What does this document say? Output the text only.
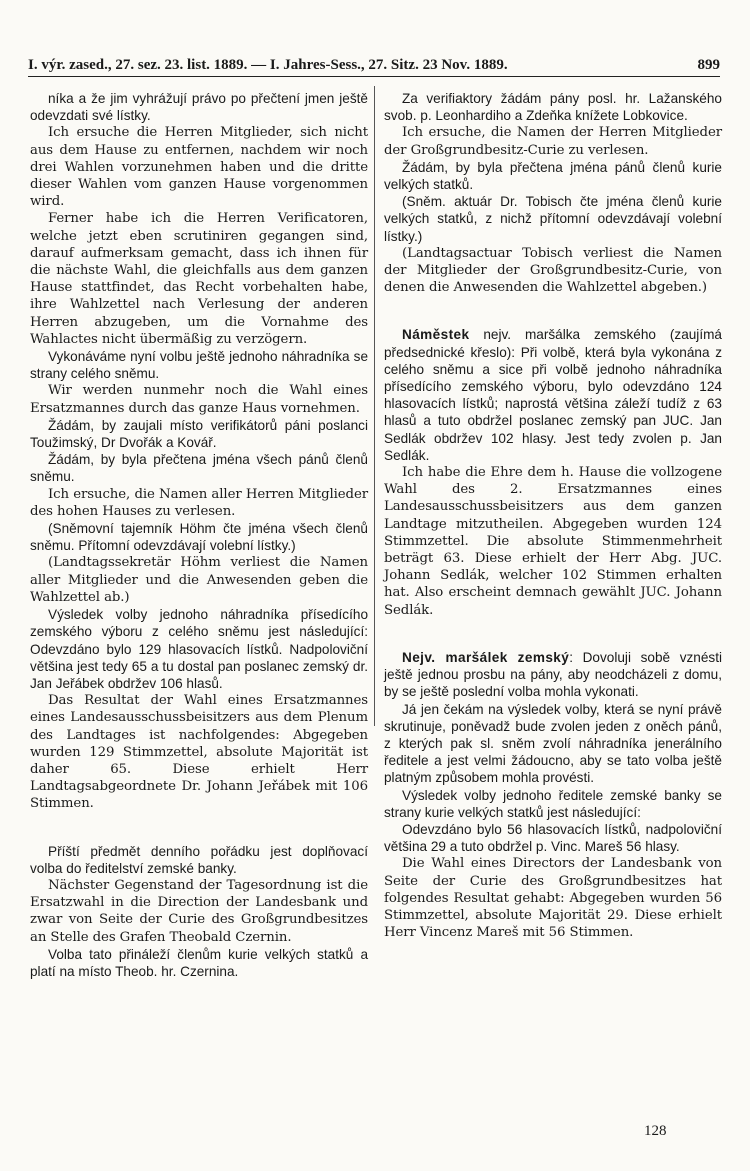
I. výr. zased., 27. sez. 23. list. 1889. — I. Jahres-Sess., 27. Sitz. 23 Nov. 1889.	899

níka a že jim vyhrážují právo po přečtení jmen ještě odevzdati své lístky.

Ich ersuche die Herren Mitglieder, sich nicht aus dem Hause zu entfernen, nachdem wir noch drei Wahlen vorzunehmen haben und die dritte dieser Wahlen vom ganzen Hause vorgenommen wird.

Ferner habe ich die Herren Verificatoren, welche jetzt eben scrutiniren gegangen sind, darauf aufmerksam gemacht, dass ich ihnen für die nächste Wahl, die gleichfalls aus dem ganzen Hause stattfindet, das Recht vorbehalten habe, ihre Wahlzettel nach Verlesung der anderen Herren abzugeben, um die Vornahme des Wahlactes nicht übermäßig zu verzögern.

Vykonáváme nyní volbu ještě jednoho náhradníka se strany celého sněmu.

Wir werden nunmehr noch die Wahl eines Ersatzmannes durch das ganze Haus vornehmen.

Žádám, by zaujali místo verifikátorů páni poslanci Toužimský, Dr Dvořák a Kovář.

Žádám, by byla přečtena jména všech pánů členů sněmu.

Ich ersuche, die Namen aller Herren Mitglieder des hohen Hauses zu verlesen.

(Sněmovní tajemník Höhm čte jména všech členů sněmu. Přítomní odevzdávají volební lístky.)

(Landtagssekretär Höhm verliest die Namen aller Mitglieder und die Anwesenden geben die Wahlzettel ab.)

Výsledek volby jednoho náhradníka přísedícího zemského výboru z celého sněmu jest následující: Odevzdáno bylo 129 hlasovacích lístků. Nadpoloviční většina jest tedy 65 a tu dostal pan poslanec zemský dr. Jan Jeřábek obdržev 106 hlasů.

Das Resultat der Wahl eines Ersatzmannes eines Landesausschussbeisitzers aus dem Plenum des Landtages ist nachfolgendes: Abgegeben wurden 129 Stimmzettel, absolute Majorität ist daher 65. Diese erhielt Herr Landtagsabgeordnete Dr. Johann Jeřábek mit 106 Stimmen.

Příští předmět denního pořádku jest doplňovací volba do ředitelství zemské banky.

Nächster Gegenstand der Tagesordnung ist die Ersatzwahl in die Direction der Landesbank und zwar von Seite der Curie des Großgrundbesitzes an Stelle des Grafen Theobald Czernin.

Volba tato přináleží členům kurie velkých statků a platí na místo Theob. hr. Czernina.

Za verifiaktory žádám pány posl. hr. Lažanského svob. p. Leonhardiho a Zdeňka knížete Lobkovice.

Ich ersuche, die Namen der Herren Mitglieder der Großgrundbesitz-Curie zu verlesen.

Žádám, by byla přečtena jména pánů členů kurie velkých statků.

(Sněm. aktuár Dr. Tobisch čte jména členů kurie velkých statků, z nichž přítomní odevzdávají volební lístky.)

(Landtagsactuar Tobisch verliest die Namen der Mitglieder der Großgrundbesitz-Curie, von denen die Anwesenden die Wahlzettel abgeben.)

Náměstek nejv. maršálka zemského (zaujímá předsednické křeslo): Při volbě, která byla vykonána z celého sněmu a sice při volbě jednoho náhradníka přísedícího zemského výboru, bylo odevzdáno 124 hlasovacích lístků; naprostá většina záleží tudíž z 63 hlasů a tuto obdržel poslanec zemský pan JUC. Jan Sedlák obdržev 102 hlasy. Jest tedy zvolen p. Jan Sedlák.

Ich habe die Ehre dem h. Hause die vollzogene Wahl des 2. Ersatzmannes eines Landesausschussbeisitzers aus dem ganzen Landtage mitzutheilen. Abgegeben wurden 124 Stimmzettel. Die absolute Stimmenmehrheit beträgt 63. Diese erhielt der Herr Abg. JUC. Johann Sedlák, welcher 102 Stimmen erhalten hat. Also erscheint demnach gewählt JUC. Johann Sedlák.

Nejv. maršálek zemský: Dovoluji sobě vznésti ještě jednou prosbu na pány, aby neodcházeli z domu, by se ještě poslední volba mohla vykonati.

Já jen čekám na výsledek volby, která se nyní právě skrutinuje, poněvadž bude zvolen jeden z oněch pánů, z kterých pak sl. sněm zvolí náhradníka jenerálního ředitele a jest velmi žádoucno, aby se tato volba ještě platným způsobem mohla provésti.

Výsledek volby jednoho ředitele zemské banky se strany kurie velkých statků jest následující:

Odevzdáno bylo 56 hlasovacích lístků, nadpoloviční většina 29 a tuto obdržel p. Vinc. Mareš 56 hlasy.

Die Wahl eines Directors der Landesbank von Seite der Curie des Großgrundbesitzes hat folgendes Resultat gehabt: Abgegeben wurden 56 Stimmzettel, absolute Majorität 29. Diese erhielt Herr Vincenz Mareš mit 56 Stimmen.

128
